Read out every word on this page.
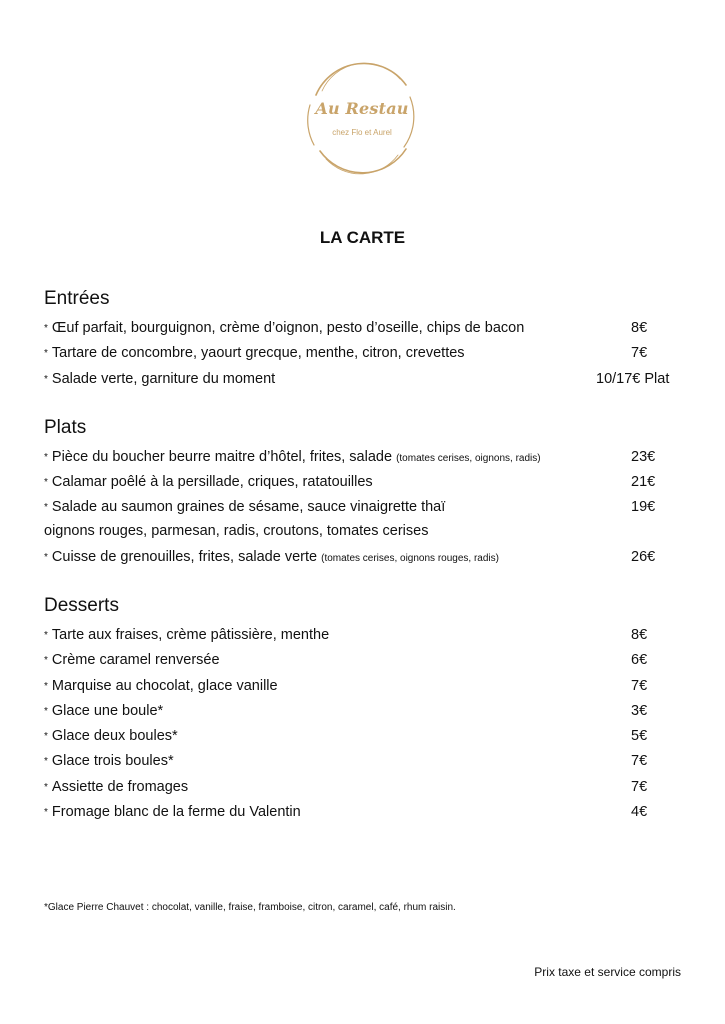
Au Restau
chez Flo et Aurel
LA CARTE
Entrées
* Œuf parfait, bourguignon, crème d’oignon, pesto d’oseille, chips de bacon	8€
* Tartare de concombre, yaourt grecque, menthe, citron, crevettes	7€
* Salade verte, garniture du moment	10/17€ Plat
Plats
* Pièce du boucher beurre maitre d’hôtel, frites, salade (tomates cerises, oignons, radis)	23€
* Calamar poêlé à la persillade, criques, ratatouilles	21€
* Salade au saumon graines de sésame, sauce vinaigrette thaï	19€
oignons rouges, parmesan, radis, croutons, tomates cerises
* Cuisse de grenouilles, frites, salade verte (tomates cerises, oignons rouges, radis)	26€
Desserts
* Tarte aux fraises, crème pâtissière, menthe	8€
* Crème caramel renversée	6€
* Marquise au chocolat, glace vanille	7€
* Glace une boule*	3€
* Glace deux boules*	5€
* Glace trois boules*	7€
* Assiette de fromages	7€
* Fromage blanc de la ferme du Valentin	4€
*Glace Pierre Chauvet : chocolat, vanille, fraise, framboise, citron, caramel, café, rhum raisin.
Prix taxe et service compris
